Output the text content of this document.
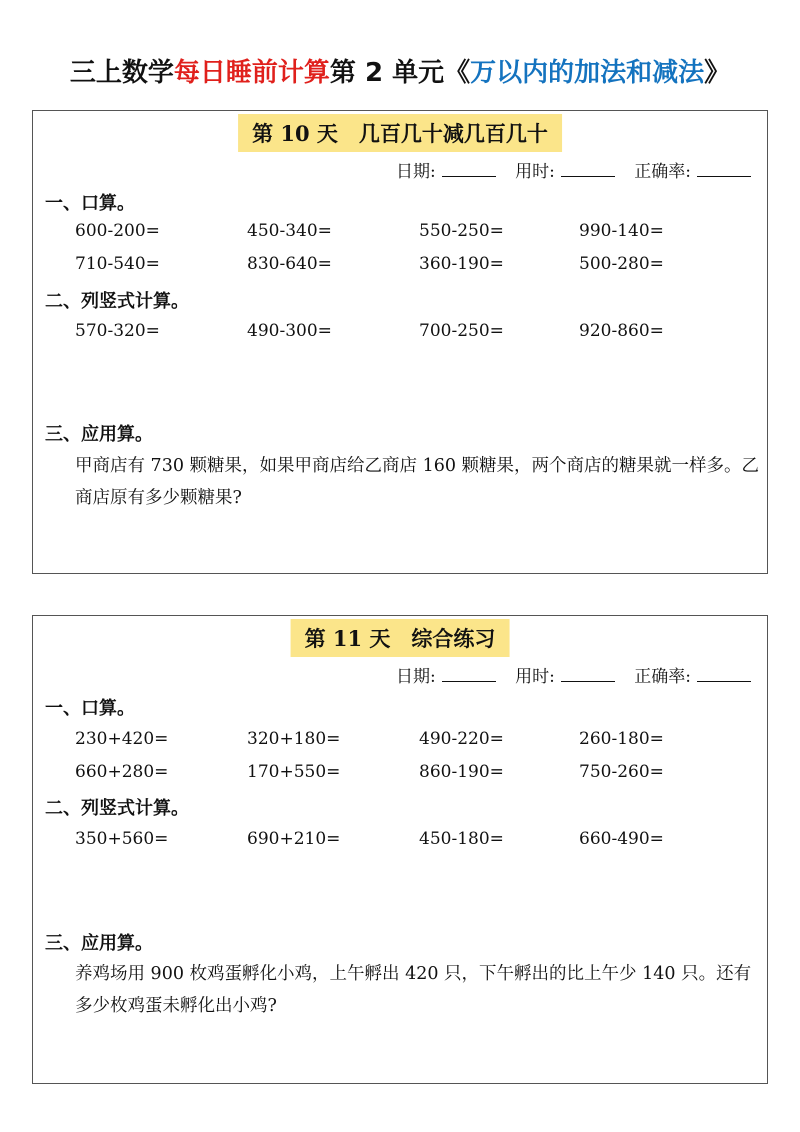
三上数学每日睡前计算第 2 单元《万以内的加法和减法》
第 10 天　几百几十减几百几十
日期:	用时:	正确率:
一、口算。
600-200=	450-340=	550-250=	990-140=
710-540=	830-640=	360-190=	500-280=
二、列竖式计算。
570-320=	490-300=	700-250=	920-860=
三、应用算。
甲商店有 730 颗糖果，如果甲商店给乙商店 160 颗糖果，两个商店的糖果就一样多。乙商店原有多少颗糖果?
第 11 天　综合练习
日期:	用时:	正确率:
一、口算。
230+420=	320+180=	490-220=	260-180=
660+280=	170+550=	860-190=	750-260=
二、列竖式计算。
350+560=	690+210=	450-180=	660-490=
三、应用算。
养鸡场用 900 枚鸡蛋孵化小鸡，上午孵出 420 只，下午孵出的比上午少 140 只。还有多少枚鸡蛋未孵化出小鸡?
